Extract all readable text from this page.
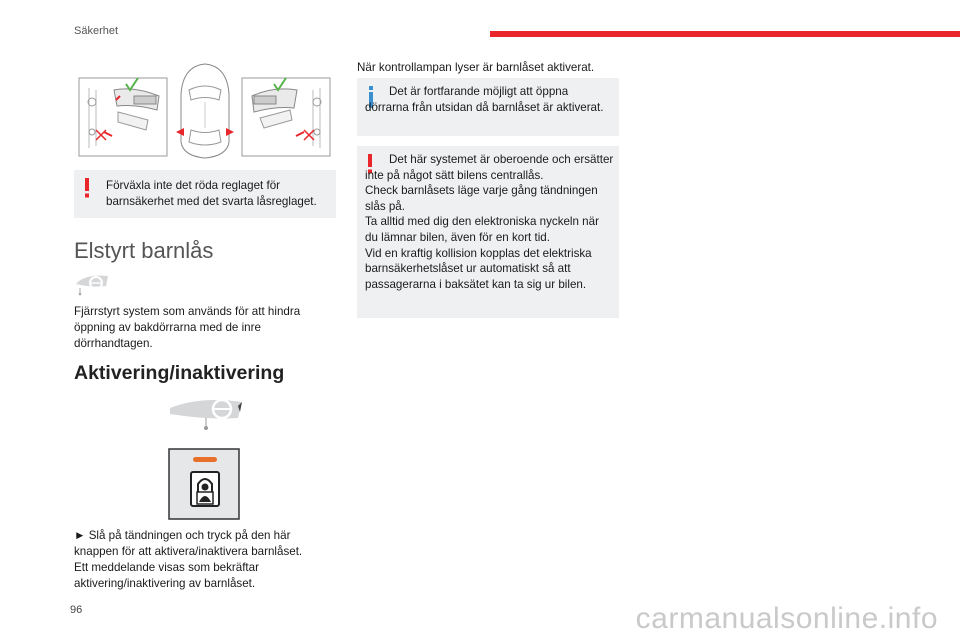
Säkerhet

Förväxla inte det röda reglaget för barnsäkerhet med det svarta låsreglaget.

Elstyrt barnlås

Fjärrstyrt system som används för att hindra öppning av bakdörrarna med de inre dörrhandtagen.

Aktivering/inaktivering

► Slå på tändningen och tryck på den här knappen för att aktivera/inaktivera barnlåset.

Ett meddelande visas som bekräftar aktivering/inaktivering av barnlåset.

När kontrollampan lyser är barnlåset aktiverat.

Det är fortfarande möjligt att öppna dörrarna från utsidan då barnlåset är aktiverat.

Det här systemet är oberoende och ersätter inte på något sätt bilens centrallås.

Check barnlåsets läge varje gång tändningen slås på.

Ta alltid med dig den elektroniska nyckeln när du lämnar bilen, även för en kort tid.

Vid en kraftig kollision kopplas det elektriska barnsäkerhetslåset ur automatiskt så att passagerarna i baksätet kan ta sig ur bilen.

96	carmanualsonline.info
